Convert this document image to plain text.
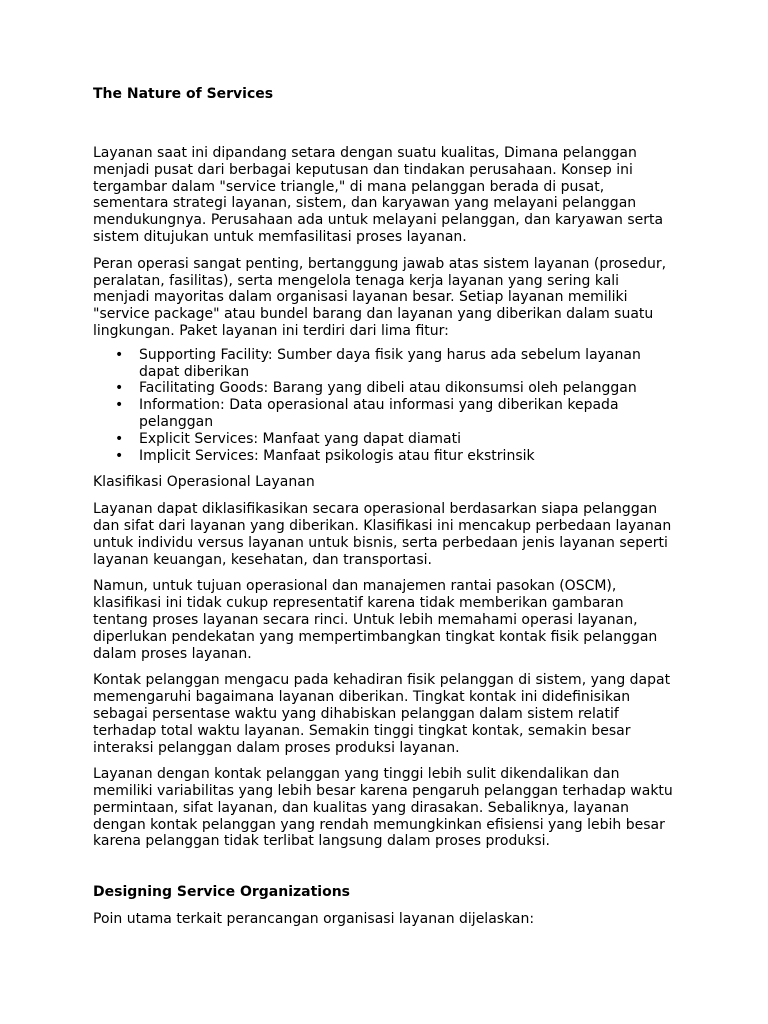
The Nature of Services

Layanan saat ini dipandang setara dengan suatu kualitas, Dimana pelanggan menjadi pusat dari berbagai keputusan dan tindakan perusahaan. Konsep ini tergambar dalam "service triangle," di mana pelanggan berada di pusat, sementara strategi layanan, sistem, dan karyawan yang melayani pelanggan mendukungnya. Perusahaan ada untuk melayani pelanggan, dan karyawan serta sistem ditujukan untuk memfasilitasi proses layanan.

Peran operasi sangat penting, bertanggung jawab atas sistem layanan (prosedur, peralatan, fasilitas), serta mengelola tenaga kerja layanan yang sering kali menjadi mayoritas dalam organisasi layanan besar. Setiap layanan memiliki "service package" atau bundel barang dan layanan yang diberikan dalam suatu lingkungan. Paket layanan ini terdiri dari lima fitur:

• Supporting Facility: Sumber daya fisik yang harus ada sebelum layanan dapat diberikan
• Facilitating Goods: Barang yang dibeli atau dikonsumsi oleh pelanggan
• Information: Data operasional atau informasi yang diberikan kepada pelanggan
• Explicit Services: Manfaat yang dapat diamati
• Implicit Services: Manfaat psikologis atau fitur ekstrinsik

Klasifikasi Operasional Layanan

Layanan dapat diklasifikasikan secara operasional berdasarkan siapa pelanggan dan sifat dari layanan yang diberikan. Klasifikasi ini mencakup perbedaan layanan untuk individu versus layanan untuk bisnis, serta perbedaan jenis layanan seperti layanan keuangan, kesehatan, dan transportasi.

Namun, untuk tujuan operasional dan manajemen rantai pasokan (OSCM), klasifikasi ini tidak cukup representatif karena tidak memberikan gambaran tentang proses layanan secara rinci. Untuk lebih memahami operasi layanan, diperlukan pendekatan yang mempertimbangkan tingkat kontak fisik pelanggan dalam proses layanan.

Kontak pelanggan mengacu pada kehadiran fisik pelanggan di sistem, yang dapat memengaruhi bagaimana layanan diberikan. Tingkat kontak ini didefinisikan sebagai persentase waktu yang dihabiskan pelanggan dalam sistem relatif terhadap total waktu layanan. Semakin tinggi tingkat kontak, semakin besar interaksi pelanggan dalam proses produksi layanan.

Layanan dengan kontak pelanggan yang tinggi lebih sulit dikendalikan dan memiliki variabilitas yang lebih besar karena pengaruh pelanggan terhadap waktu permintaan, sifat layanan, dan kualitas yang dirasakan. Sebaliknya, layanan dengan kontak pelanggan yang rendah memungkinkan efisiensi yang lebih besar karena pelanggan tidak terlibat langsung dalam proses produksi.

Designing Service Organizations

Poin utama terkait perancangan organisasi layanan dijelaskan:
